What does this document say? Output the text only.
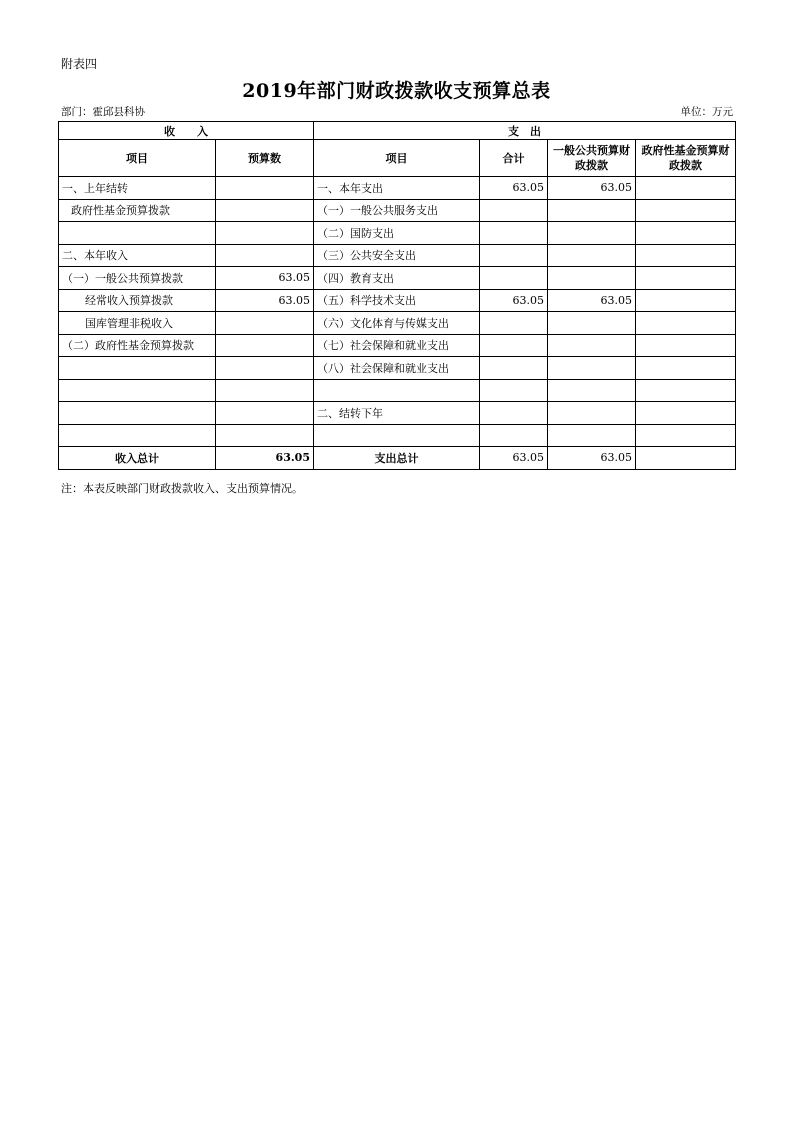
附表四
2019年部门财政拨款收支预算总表
部门：霍邱县科协	单位：万元
收　　入		支　出			
项目	预算数	项目	合计	一般公共预算财政拨款	政府性基金预算财政拨款
一、上年结转		一、本年支出	63.05	63.05	
政府性基金预算拨款		（一）一般公共服务支出			
		（二）国防支出			
二、本年收入		（三）公共安全支出			
（一）一般公共预算拨款	63.05	（四）教育支出			
经常收入预算拨款	63.05	（五）科学技术支出	63.05	63.05	
国库管理非税收入		（六）文化体育与传媒支出			
（二）政府性基金预算拨款		（七）社会保障和就业支出			
		（八）社会保障和就业支出			

		二、结转下年			

收入总计	63.05	支出总计	63.05	63.05	
注：本表反映部门财政拨款收入、支出预算情况。
